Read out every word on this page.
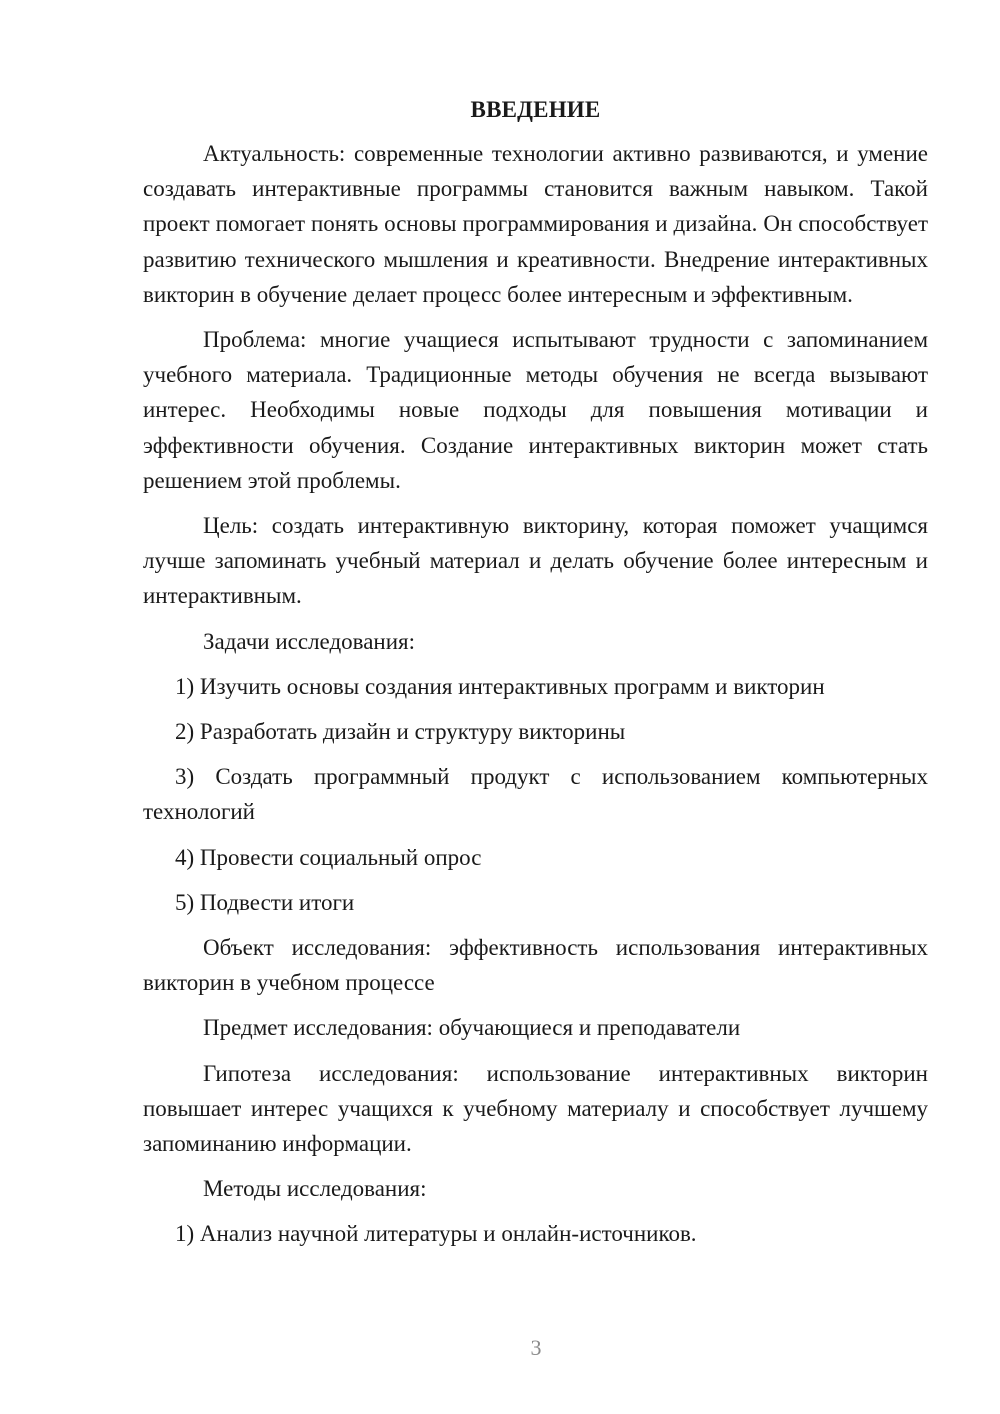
ВВЕДЕНИЕ
Актуальность: современные технологии активно развиваются, и умение создавать интерактивные программы становится важным навыком. Такой проект помогает понять основы программирования и дизайна. Он способствует развитию технического мышления и креативности. Внедрение интерактивных викторин в обучение делает процесс более интересным и эффективным.
Проблема: многие учащиеся испытывают трудности с запоминанием учебного материала. Традиционные методы обучения не всегда вызывают интерес. Необходимы новые подходы для повышения мотивации и эффективности обучения. Создание интерактивных викторин может стать решением этой проблемы.
Цель: создать интерактивную викторину, которая поможет учащимся лучше запоминать учебный материал и делать обучение более интересным и интерактивным.
Задачи исследования:
1) Изучить основы создания интерактивных программ и викторин
2) Разработать дизайн и структуру викторины
3) Создать программный продукт с использованием компьютерных технологий
4) Провести социальный опрос
5) Подвести итоги
Объект исследования: эффективность использования интерактивных викторин в учебном процессе
Предмет исследования: обучающиеся и преподаватели
Гипотеза исследования: использование интерактивных викторин повышает интерес учащихся к учебному материалу и способствует лучшему запоминанию информации.
Методы исследования:
1) Анализ научной литературы и онлайн-источников.
3
